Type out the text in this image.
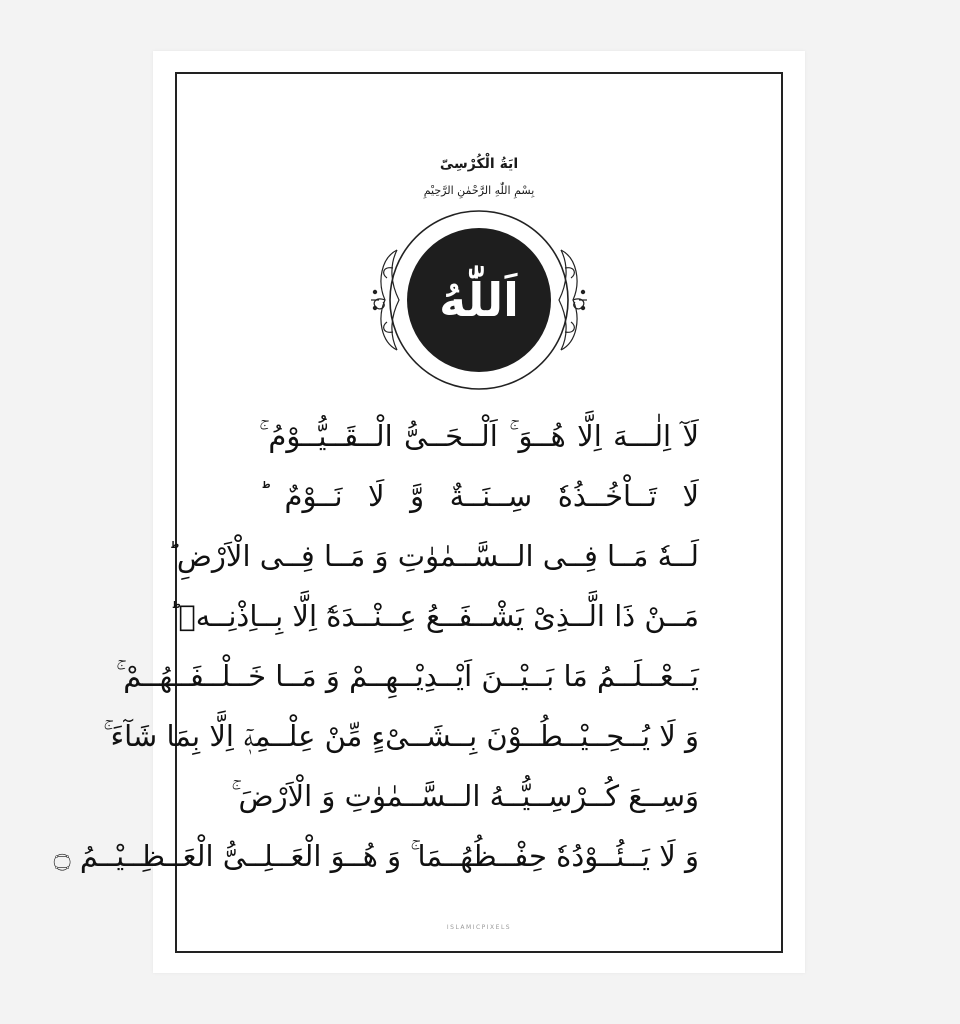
ايَةُ الْكُرْسِىّ
بِسْمِ اللّٰهِ الرَّحْمٰنِ الرَّحِيْمِ
اَللّٰهُ
لَآ اِلٰـــهَ اِلَّا هُــوَ ۚ اَلْــحَــىُّ الْــقَــيُّــوْمُ ۚ
لَا تَــاْخُــذُهٗ سِــنَــةٌ وَّ لَا نَــوْمٌ ؕ
لَــهٗ مَــا فِــى الــسَّــمٰوٰتِ وَ مَــا فِــى الْاَرْضِ ؕ
مَــنْ ذَا الَّــذِىْ يَشْــفَــعُ عِــنْــدَهٗٓ اِلَّا بِــاِذْنِــهٖ ؕ
يَــعْــلَــمُ مَا بَــيْــنَ اَيْــدِيْــهِــمْ وَ مَــا خَــلْــفَــهُــمْ ۚ
وَ لَا يُــحِــيْــطُــوْنَ بِــشَــىْءٍ مِّنْ عِلْــمِهٖٓ اِلَّا بِمَا شَآءَ ۚ
وَسِــعَ كُــرْسِــيُّــهُ الــسَّــمٰوٰتِ وَ الْاَرْضَ ۚ
وَ لَا يَــئُــوْدُهٗ حِفْــظُهُــمَا ۚ وَ هُــوَ الْعَــلِــىُّ الْعَــظِــيْــمُ ۝
ISLAMICPIXELS
